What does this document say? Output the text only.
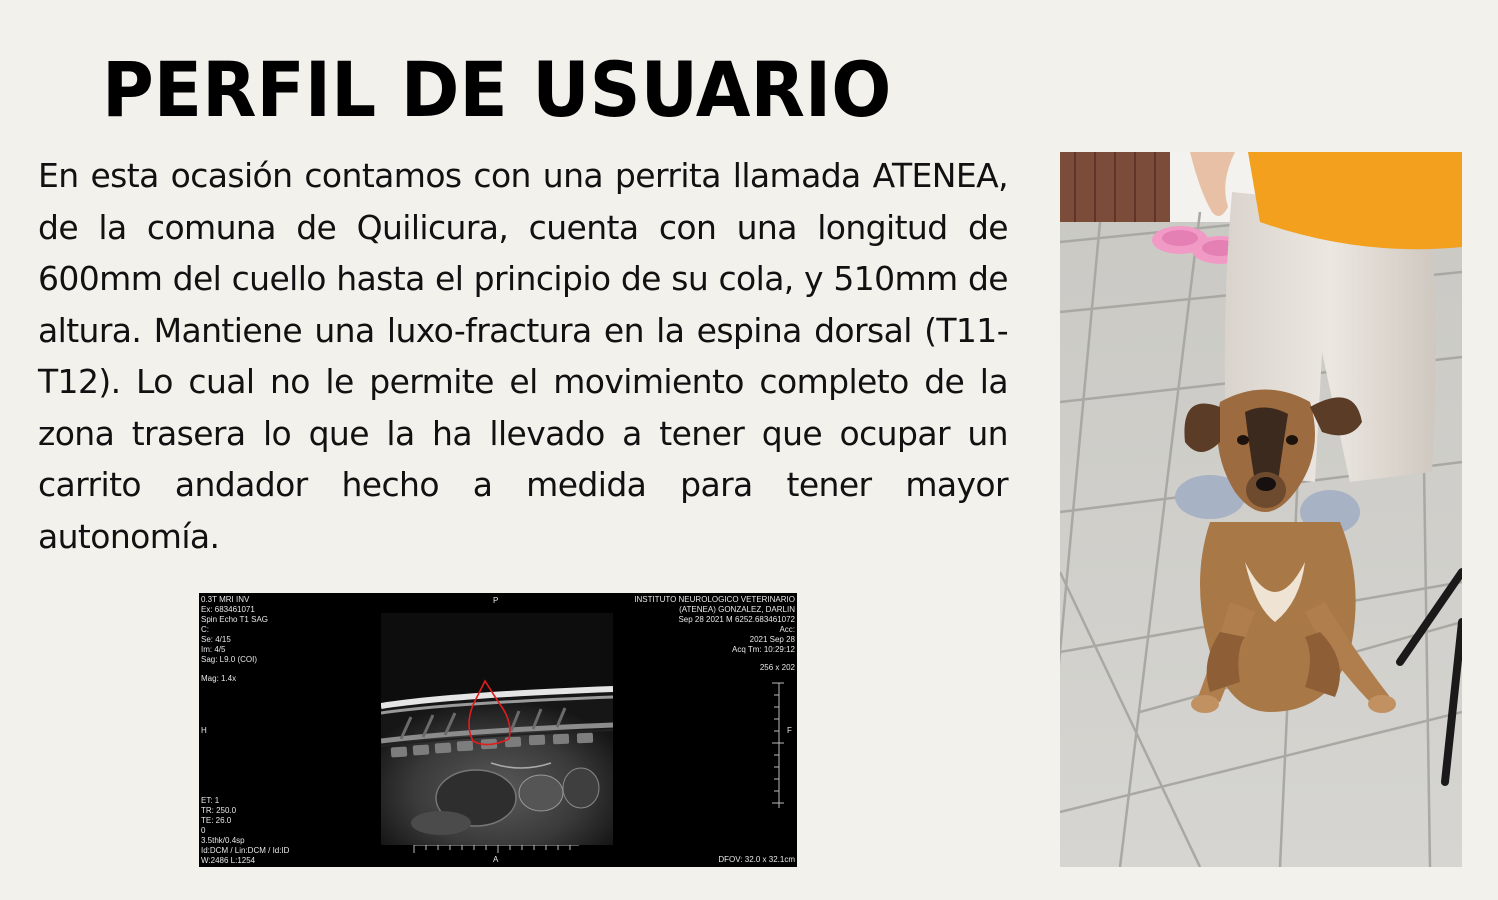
PERFIL DE USUARIO

En esta ocasión contamos con una perrita llamada ATENEA, de la comuna de Quilicura, cuenta con una longitud de 600mm del cuello hasta el principio de su cola, y 510mm de altura. Mantiene una luxo-fractura en la espina dorsal (T11-T12). Lo cual no le permite el movimiento completo de la zona trasera lo que la ha llevado a tener que ocupar un carrito andador hecho a medida para tener mayor autonomía.

0.3T MRI INV
Ex: 683461071
Spin Echo T1 SAG
C:
Se: 4/15
Im: 4/5
Sag: L9.0 (COI)
Mag: 1.4x
INSTITUTO NEUROLOGICO VETERINARIO
(ATENEA) GONZALEZ, DARLIN
Sep 28 2021 M 6252.683461072
Acc:
2021 Sep 28
Acq Tm: 10:29:12
256 x 202
ET: 1
TR: 250.0
TE: 26.0
0
3.5thk/0.4sp
Id:DCM / Lin:DCM / Id:ID
W:2486 L:1254	DFOV: 32.0 x 32.1cm
P
H	F
A
